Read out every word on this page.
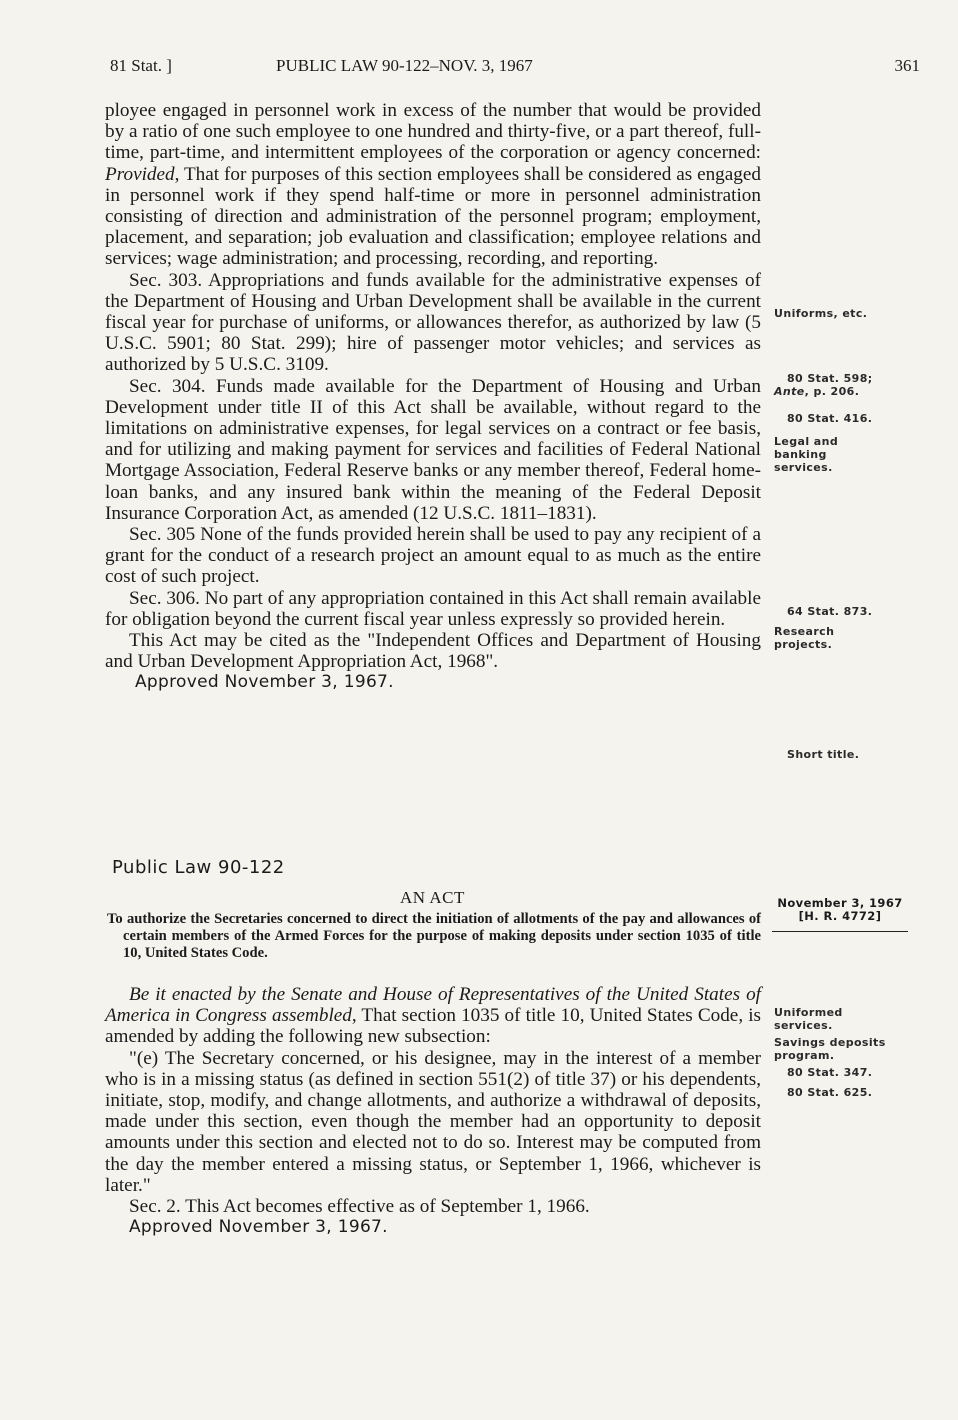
81 Stat. ]	PUBLIC LAW 90-122–NOV. 3, 1967	361

ployee engaged in personnel work in excess of the number that would be provided by a ratio of one such employee to one hundred and thirty-five, or a part thereof, full-time, part-time, and intermittent employees of the corporation or agency concerned: Provided, That for purposes of this section employees shall be considered as engaged in personnel work if they spend half-time or more in personnel administration consisting of direction and administration of the personnel program; employment, placement, and separation; job evaluation and classification; employee relations and services; wage administration; and processing, recording, and reporting.

Sec. 303. Appropriations and funds available for the administrative expenses of the Department of Housing and Urban Development shall be available in the current fiscal year for purchase of uniforms, or allowances therefor, as authorized by law (5 U.S.C. 5901; 80 Stat. 299); hire of passenger motor vehicles; and services as authorized by 5 U.S.C. 3109.

Sec. 304. Funds made available for the Department of Housing and Urban Development under title II of this Act shall be available, without regard to the limitations on administrative expenses, for legal services on a contract or fee basis, and for utilizing and making payment for services and facilities of Federal National Mortgage Association, Federal Reserve banks or any member thereof, Federal home-loan banks, and any insured bank within the meaning of the Federal Deposit Insurance Corporation Act, as amended (12 U.S.C. 1811–1831).

Sec. 305 None of the funds provided herein shall be used to pay any recipient of a grant for the conduct of a research project an amount equal to as much as the entire cost of such project.

Sec. 306. No part of any appropriation contained in this Act shall remain available for obligation beyond the current fiscal year unless expressly so provided herein.

This Act may be cited as the "Independent Offices and Department of Housing and Urban Development Appropriation Act, 1968".

Approved November 3, 1967.

Uniforms, etc.
80 Stat. 598;
Ante, p. 206.
80 Stat. 416.
Legal and banking services.
64 Stat. 873.
Research projects.
Short title.
Public Law 90-122
AN ACT	November 3, 1967
[H. R. 4772]

To authorize the Secretaries concerned to direct the initiation of allotments of the pay and allowances of certain members of the Armed Forces for the purpose of making deposits under section 1035 of title 10, United States Code.

Be it enacted by the Senate and House of Representatives of the United States of America in Congress assembled, That section 1035 of title 10, United States Code, is amended by adding the following new subsection:

"(e) The Secretary concerned, or his designee, may in the interest of a member who is in a missing status (as defined in section 551(2) of title 37) or his dependents, initiate, stop, modify, and change allotments, and authorize a withdrawal of deposits, made under this section, even though the member had an opportunity to deposit amounts under this section and elected not to do so. Interest may be computed from the day the member entered a missing status, or September 1, 1966, whichever is later."

Sec. 2. This Act becomes effective as of September 1, 1966.

Approved November 3, 1967.

Uniformed services.
Savings deposits program.
80 Stat. 347.
80 Stat. 625.
